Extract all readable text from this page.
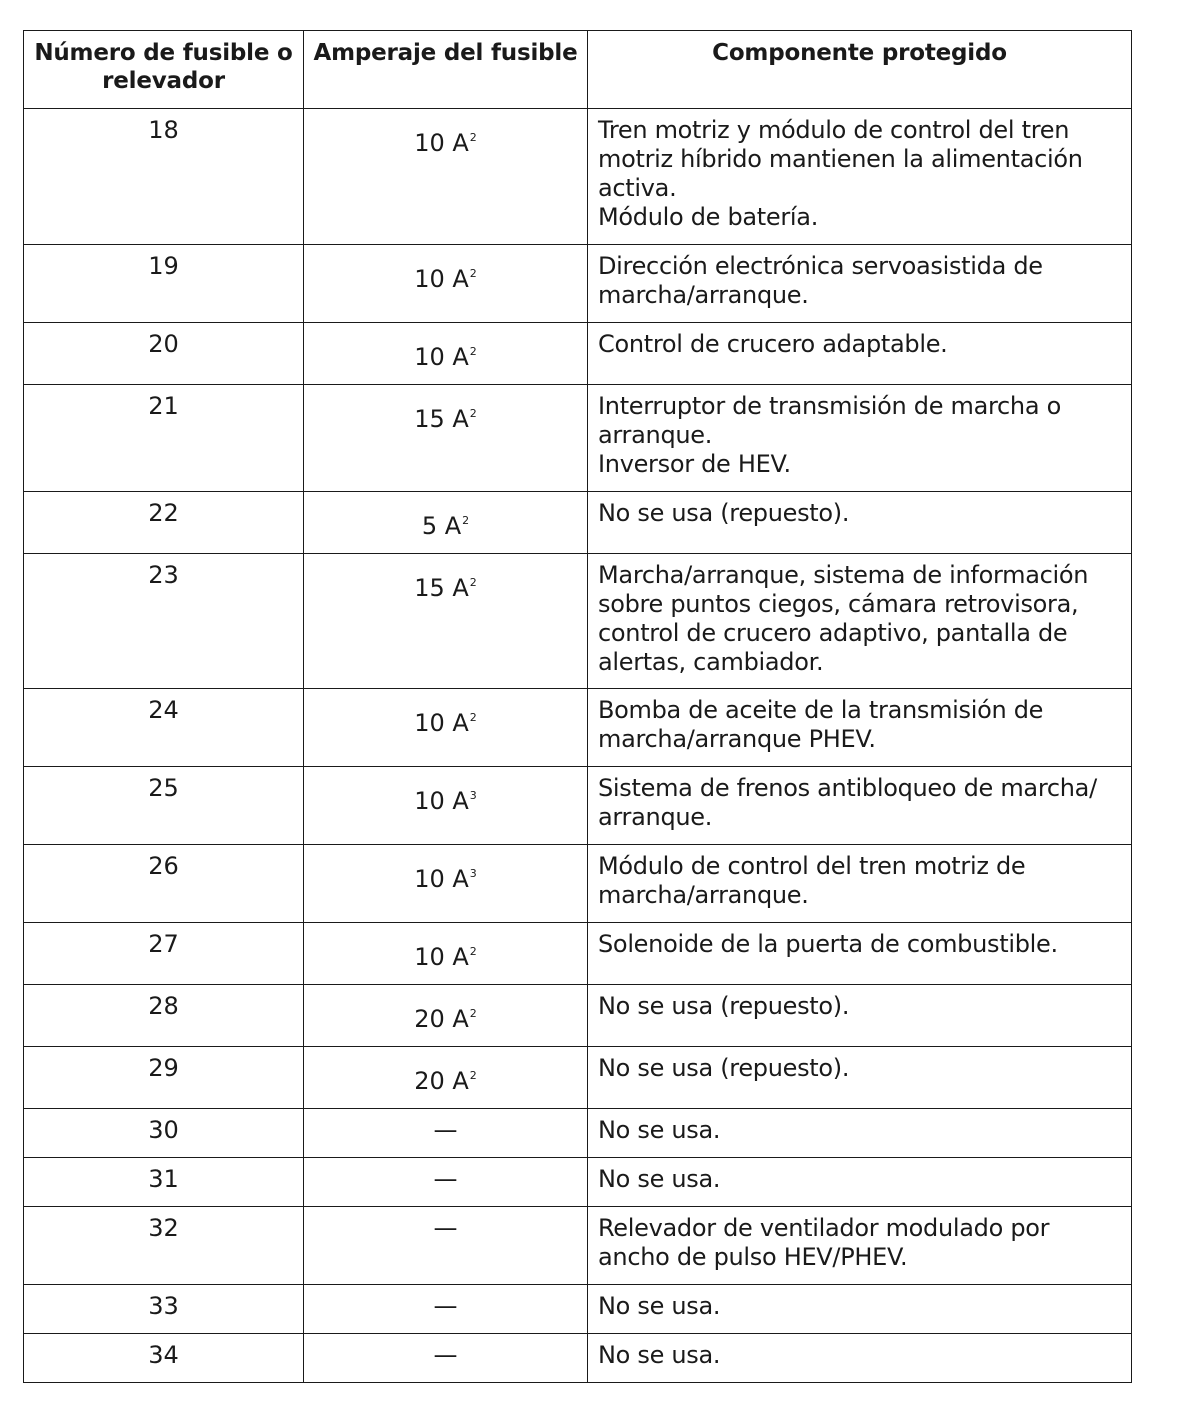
Número de fusible o relevador	Amperaje del fusible	Componente protegido
18	10 $A^2$	Tren motriz y módulo de control del tren motriz híbrido mantienen la alimentación activa.
Módulo de batería.

19	10 $A^2$	Dirección electrónica servoasistida de marcha/arranque.

20	10 $A^2$	Control de crucero adaptable.

21	15 $A^2$	Interruptor de transmisión de marcha o arranque.
Inversor de HEV.

22	5 $A^2$	No se usa (repuesto).

23	15 $A^2$	Marcha/arranque, sistema de información sobre puntos ciegos, cámara retrovisora, control de crucero adaptivo, pantalla de alertas, cambiador.

24	10 $A^2$	Bomba de aceite de la transmisión de marcha/arranque PHEV.

25	10 $A^3$	Sistema de frenos antibloqueo de marcha/ arranque.

26	10 $A^3$	Módulo de control del tren motriz de marcha/arranque.

27	10 $A^2$	Solenoide de la puerta de combustible.

28	20 $A^2$	No se usa (repuesto).

29	20 $A^2$	No se usa (repuesto).

30	—	No se usa.

31	—	No se usa.

32	—	Relevador de ventilador modulado por ancho de pulso HEV/PHEV.

33	—	No se usa.

34	—	No se usa.
